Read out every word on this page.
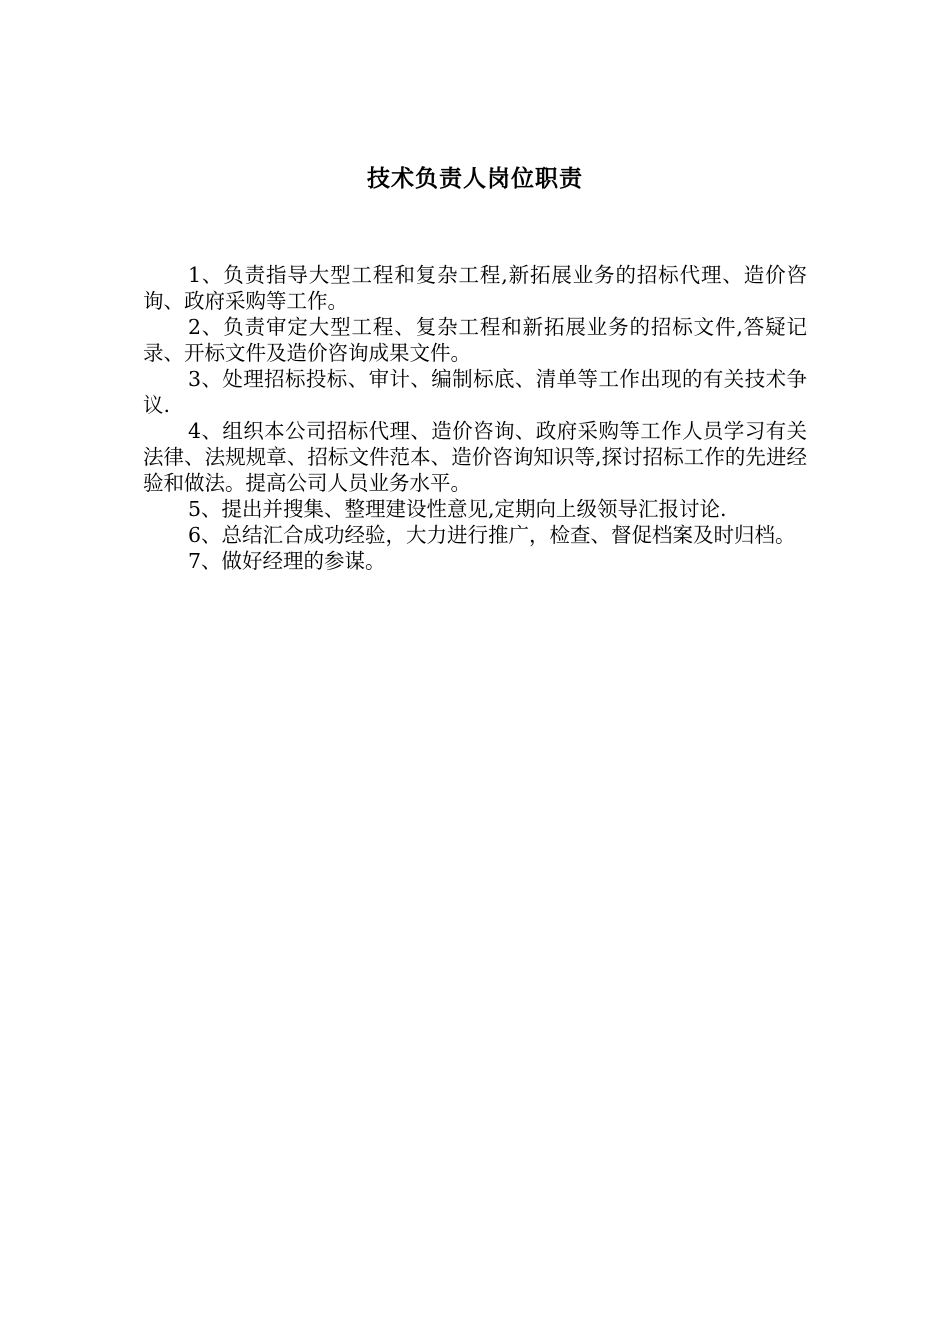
技术负责人岗位职责

1、负责指导大型工程和复杂工程,新拓展业务的招标代理、造价咨询、政府采购等工作。

2、负责审定大型工程、复杂工程和新拓展业务的招标文件,答疑记录、开标文件及造价咨询成果文件。

3、处理招标投标、审计、编制标底、清单等工作出现的有关技术争议.

4、组织本公司招标代理、造价咨询、政府采购等工作人员学习有关法律、法规规章、招标文件范本、造价咨询知识等,探讨招标工作的先进经验和做法。提高公司人员业务水平。

5、提出并搜集、整理建设性意见,定期向上级领导汇报讨论.

6、总结汇合成功经验，大力进行推广，检查、督促档案及时归档。

7、做好经理的参谋。
